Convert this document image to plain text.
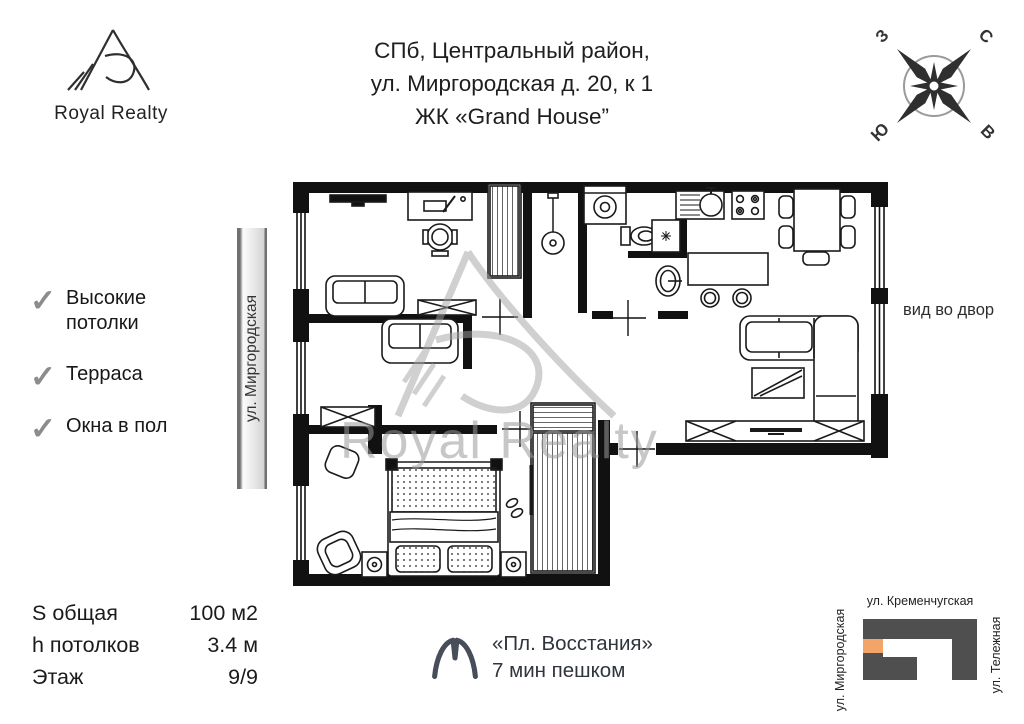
Royal Realty
СПб, Центральный район,
ул. Миргородская д. 20, к 1
ЖК «Grand House”
З	С
Ю	В
✓ Высокие потолки
✓ Терраса
✓ Окна в пол
ул. Миргородская	вид во двор
Royal Realty
S общая	100 м2
h потолков	3.4 м
Этаж	9/9
«Пл. Восстания»
7 мин пешком
ул. Кременчугская
ул. Миргородская	ул. Тележная
